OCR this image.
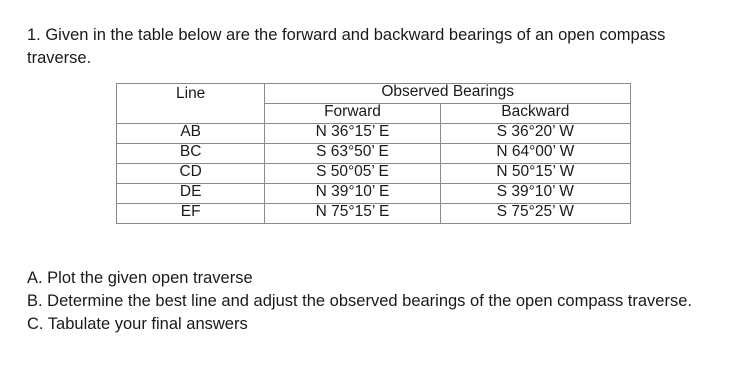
1. Given in the table below are the forward and backward bearings of an open compass traverse.

Line	Observed Bearings	
	Forward	Backward
AB	N 36°15’ E	S 36°20’ W
BC	S 63°50’ E	N 64°00’ W
CD	S 50°05’ E	N 50°15’ W
DE	N 39°10’ E	S 39°10’ W
EF	N 75°15’ E	S 75°25’ W
A. Plot the given open traverse
B. Determine the best line and adjust the observed bearings of the open compass traverse.
C. Tabulate your final answers
